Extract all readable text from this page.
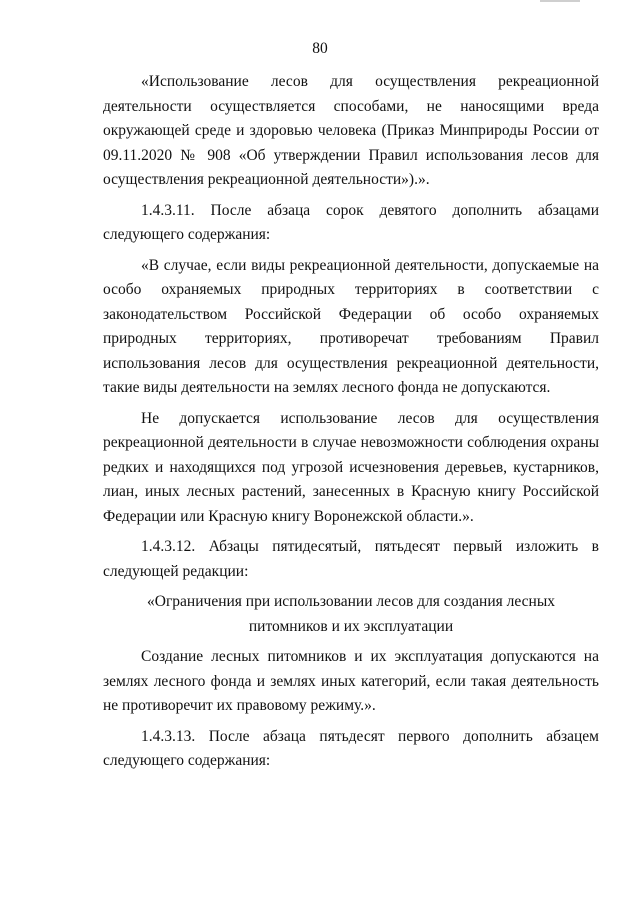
80

«Использование лесов для осуществления рекреационной деятельности осуществляется способами, не наносящими вреда окружающей среде и здоровью человека (Приказ Минприроды России от 09.11.2020 № 908 «Об утверждении Правил использования лесов для осуществления рекреационной деятельности»).».

1.4.3.11. После абзаца сорок девятого дополнить абзацами следующего содержания:

«В случае, если виды рекреационной деятельности, допускаемые на особо охраняемых природных территориях в соответствии с законодательством Российской Федерации об особо охраняемых природных территориях, противоречат требованиям Правил использования лесов для осуществления рекреационной деятельности, такие виды деятельности на землях лесного фонда не допускаются.

Не допускается использование лесов для осуществления рекреационной деятельности в случае невозможности соблюдения охраны редких и находящихся под угрозой исчезновения деревьев, кустарников, лиан, иных лесных растений, занесенных в Красную книгу Российской Федерации или Красную книгу Воронежской области.».

1.4.3.12. Абзацы пятидесятый, пятьдесят первый изложить в следующей редакции:

«Ограничения при использовании лесов для создания лесных питомников и их эксплуатации

Создание лесных питомников и их эксплуатация допускаются на землях лесного фонда и землях иных категорий, если такая деятельность не противоречит их правовому режиму.».

1.4.3.13. После абзаца пятьдесят первого дополнить абзацем следующего содержания:
